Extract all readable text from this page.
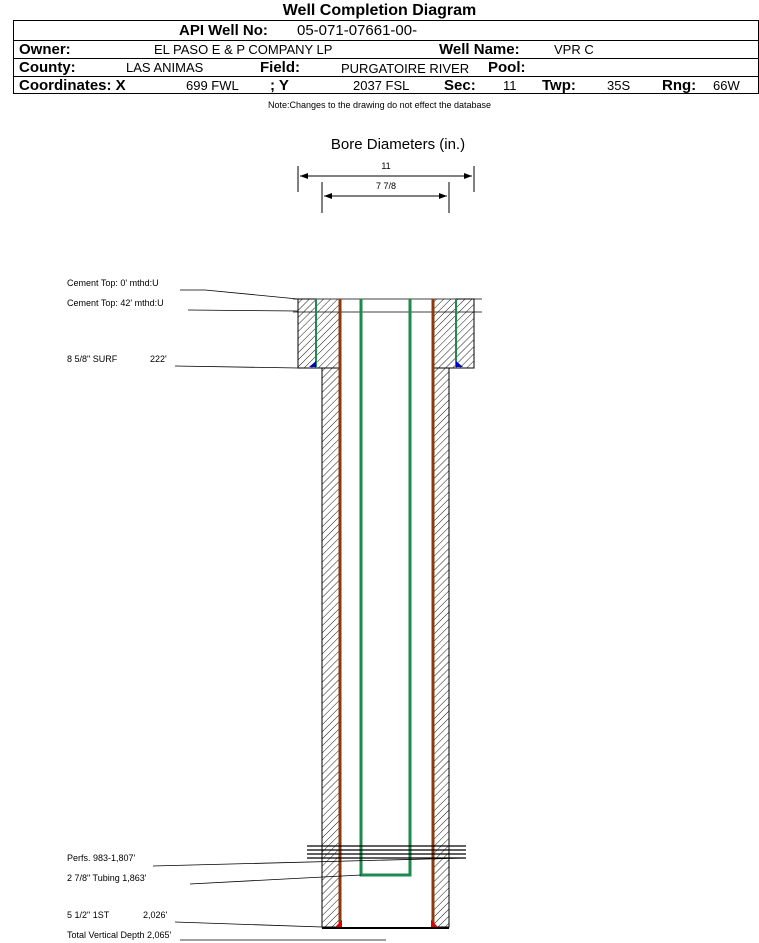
Well Completion Diagram
API Well No: 05-071-07661-00-
Owner:	EL PASO E & P COMPANY LP	Well Name:	VPR C
County:	LAS ANIMAS	Field:	PURGATOIRE RIVER Pool:
Coordinates: X	699 FWL ; Y	2037 FSL Sec: 11 Twp: 35S Rng: 66W
Note:Changes to the drawing do not effect the database
Bore Diameters (in.)
11
7 7/8
Cement Top: 0' mthd:U
Cement Top: 42' mthd:U
8 5/8" SURF	222'
Perfs. 983-1,807'
2 7/8" Tubing 1,863'
5 1/2" 1ST	2,026'
Total Vertical Depth 2,065'
